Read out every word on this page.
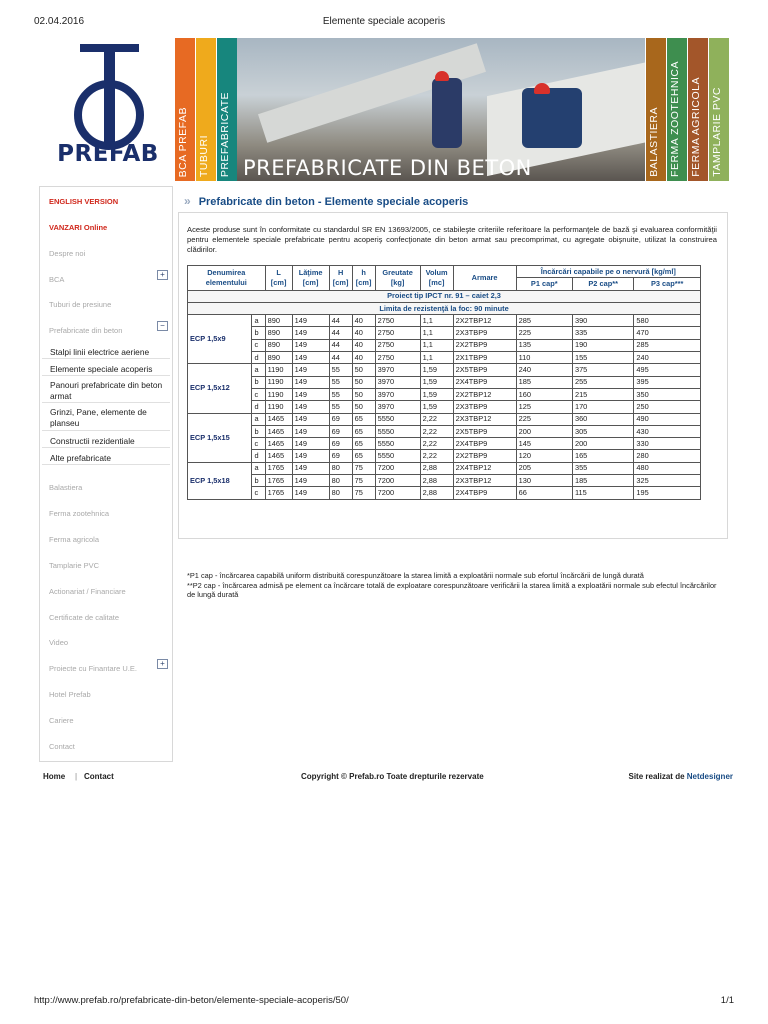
02.04.2016	Elemente speciale acoperis
PREFAB	BCA PREFAB TUBURI PREFABRICATE PREFABRICATE DIN BETON	BALASTIERA FERMA ZOOTEHNICA FERMA AGRICOLA TAMPLARIE PVC
ENGLISH VERSION
VANZARI Online
Despre noi
BCA
+
Tuburi de presiune
Prefabricate din beton
−
Stalpi linii electrice aeriene
Elemente speciale acoperis
Panouri prefabricate din beton armat
Grinzi, Pane, elemente de planseu
Constructii rezidentiale
Alte prefabricate
Balastiera
Ferma zootehnica
Ferma agricola
Tamplarie PVC
Actionariat / Financiare
Certificate de calitate
Video
Proiecte cu Finantare U.E.
+
Hotel Prefab
Cariere
Contact
» Prefabricate din beton - Elemente speciale acoperis
Aceste produse sunt în conformitate cu standardul SR EN 13693/2005, ce stabileşte criteriile referitoare la performanţele de bază şi evaluarea conformităţii pentru elementele speciale prefabricate pentru acoperiş confecţionate din beton armat sau precomprimat, cu agregate obişnuite, utilizat la construirea clădirilor.
Denumirea elementului		L [cm]	Lăţime [cm]	H [cm]	h [cm]	Greutate [kg]	Volum [mc]	Armare	Încărcări capabile pe o nervură [kg/ml]		
									P1 cap*	P2 cap**	P3 cap***
Proiect tip IPCT nr. 91 – caiet 2,3											
Limita de rezistenţă la foc: 90 minute											
ECP 1,5x9	a	890	149	44	40	2750	1,1	2X2TBP12	285	390	580
	b	890	149	44	40	2750	1,1	2X3TBP9	225	335	470
	c	890	149	44	40	2750	1,1	2X2TBP9	135	190	285
	d	890	149	44	40	2750	1,1	2X1TBP9	110	155	240
ECP 1,5x12	a	1190	149	55	50	3970	1,59	2X5TBP9	240	375	495
	b	1190	149	55	50	3970	1,59	2X4TBP9	185	255	395
	c	1190	149	55	50	3970	1,59	2X2TBP12	160	215	350
	d	1190	149	55	50	3970	1,59	2X3TBP9	125	170	250
ECP 1,5x15	a	1465	149	69	65	5550	2,22	2X3TBP12	225	360	490
	b	1465	149	69	65	5550	2,22	2X5TBP9	200	305	430
	c	1465	149	69	65	5550	2,22	2X4TBP9	145	200	330
	d	1465	149	69	65	5550	2,22	2X2TBP9	120	165	280
ECP 1,5x18	a	1765	149	80	75	7200	2,88	2X4TBP12	205	355	480
	b	1765	149	80	75	7200	2,88	2X3TBP12	130	185	325
	c	1765	149	80	75	7200	2,88	2X4TBP9	66	115	195
*P1 cap - încărcarea capabilă uniform distribuită corespunzătoare la starea limită a exploatării normale sub efortul încărcării de lungă durată
**P2 cap - încărcarea admisă pe element ca încărcare totală de exploatare corespunzătoare verificării la starea limită a exploatării normale sub efectul încărcărilor de lungă durată
Home | Contact	Copyright © Prefab.ro Toate drepturile rezervate	Site realizat de Netdesigner
http://www.prefab.ro/prefabricate-din-beton/elemente-speciale-acoperis/50/	1/1
